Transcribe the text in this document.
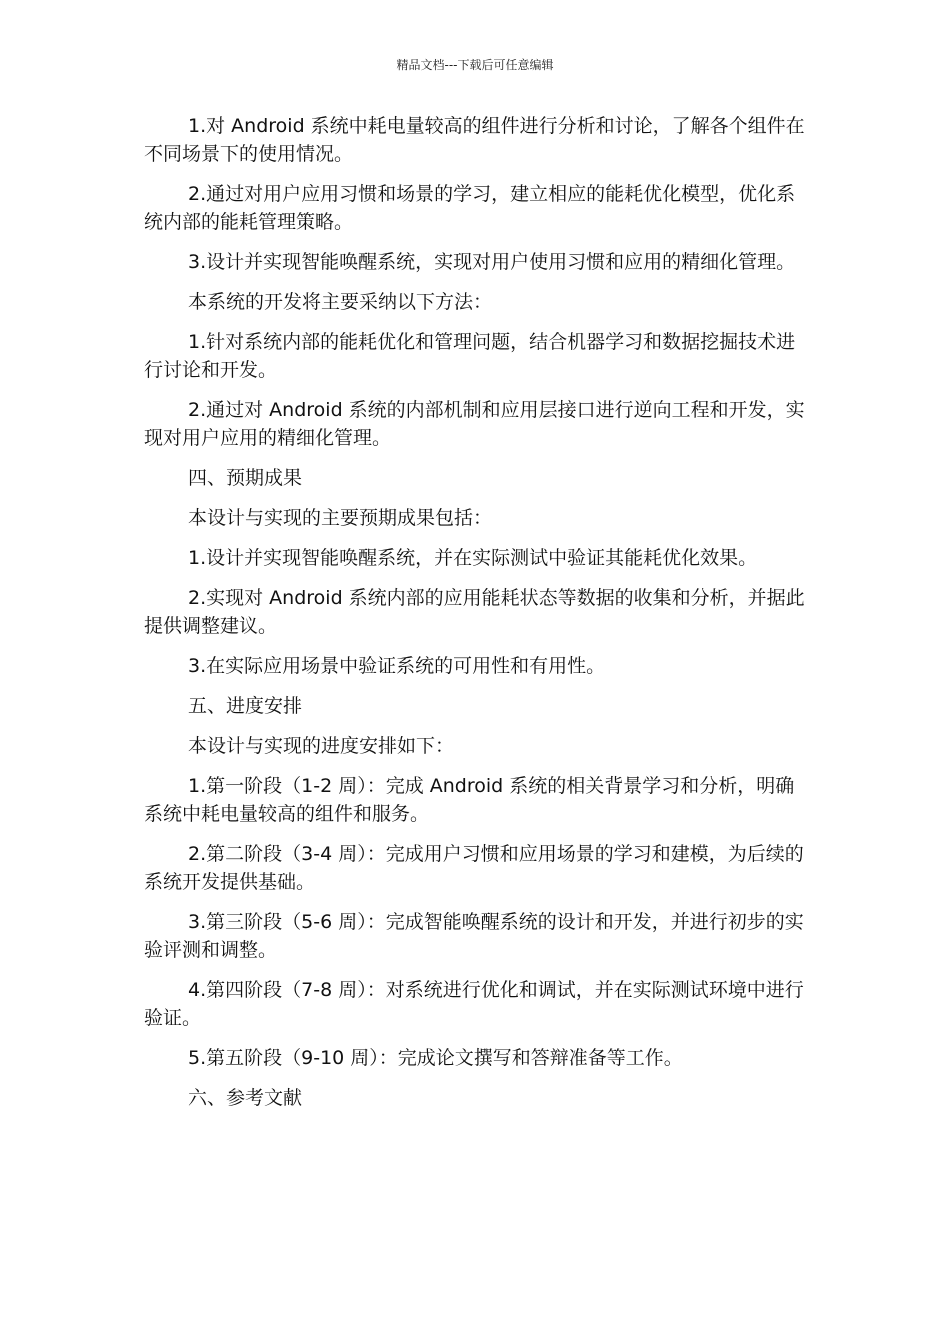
精品文档---下载后可任意编辑

1.对 Android 系统中耗电量较高的组件进行分析和讨论，了解各个组件在不同场景下的使用情况。

2.通过对用户应用习惯和场景的学习，建立相应的能耗优化模型，优化系统内部的能耗管理策略。

3.设计并实现智能唤醒系统，实现对用户使用习惯和应用的精细化管理。

本系统的开发将主要采纳以下方法：

1.针对系统内部的能耗优化和管理问题，结合机器学习和数据挖掘技术进行讨论和开发。

2.通过对 Android 系统的内部机制和应用层接口进行逆向工程和开发，实现对用户应用的精细化管理。

四、预期成果

本设计与实现的主要预期成果包括：

1.设计并实现智能唤醒系统，并在实际测试中验证其能耗优化效果。

2.实现对 Android 系统内部的应用能耗状态等数据的收集和分析，并据此提供调整建议。

3.在实际应用场景中验证系统的可用性和有用性。

五、进度安排

本设计与实现的进度安排如下：

1.第一阶段（1-2 周）：完成 Android 系统的相关背景学习和分析，明确系统中耗电量较高的组件和服务。

2.第二阶段（3-4 周）：完成用户习惯和应用场景的学习和建模，为后续的系统开发提供基础。

3.第三阶段（5-6 周）：完成智能唤醒系统的设计和开发，并进行初步的实验评测和调整。

4.第四阶段（7-8 周）：对系统进行优化和调试，并在实际测试环境中进行验证。

5.第五阶段（9-10 周）：完成论文撰写和答辩准备等工作。

六、参考文献
